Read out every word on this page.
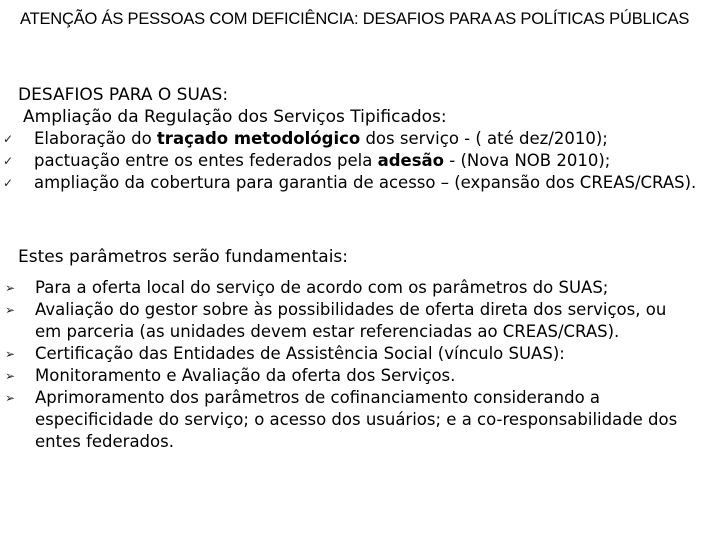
ATENÇÃO ÁS PESSOAS COM DEFICIÊNCIA: DESAFIOS PARA AS POLÍTICAS PÚBLICAS
DESAFIOS PARA O SUAS:
Ampliação da Regulação dos Serviços Tipificados:
✓ Elaboração do traçado metodológico dos serviço - ( até dez/2010);
✓ pactuação entre os entes federados pela adesão - (Nova NOB 2010);
✓ ampliação da cobertura para garantia de acesso – (expansão dos CREAS/CRAS).
Estes parâmetros serão fundamentais:
➢ Para a oferta local do serviço de acordo com os parâmetros do SUAS;
➢ Avaliação do gestor sobre às possibilidades de oferta direta dos serviços, ou em parceria (as unidades devem estar referenciadas ao CREAS/CRAS).
➢ Certificação das Entidades de Assistência Social (vínculo SUAS):
➢ Monitoramento e Avaliação da oferta dos Serviços.
➢ Aprimoramento dos parâmetros de cofinanciamento considerando a especificidade do serviço; o acesso dos usuários; e a co-responsabilidade dos entes federados.
